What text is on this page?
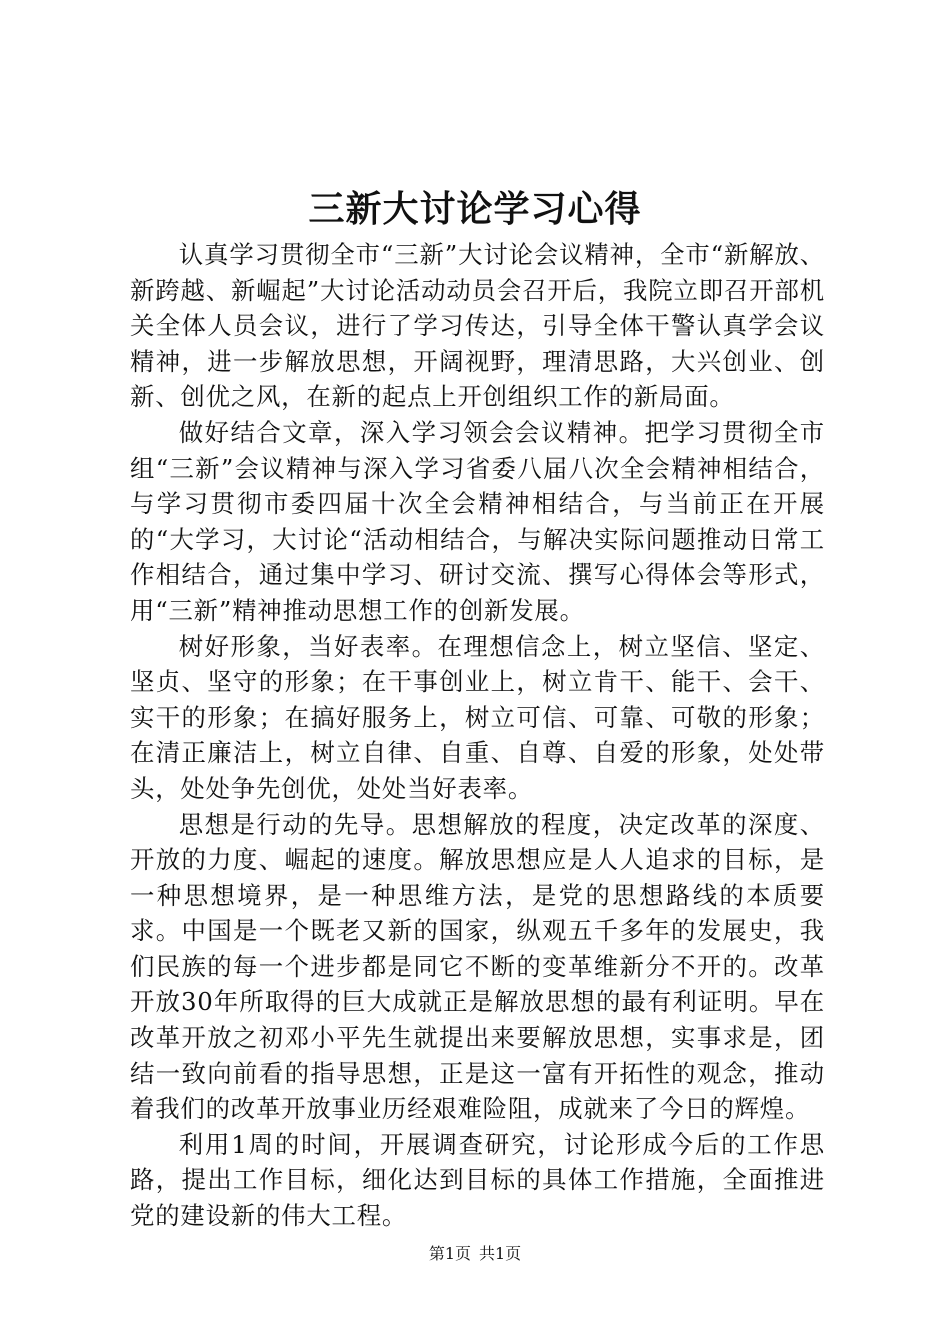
三新大讨论学习心得

认真学习贯彻全市“三新”大讨论会议精神，全市“新解放、新跨越、新崛起”大讨论活动动员会召开后，我院立即召开部机关全体人员会议，进行了学习传达，引导全体干警认真学会议精神，进一步解放思想，开阔视野，理清思路，大兴创业、创新、创优之风，在新的起点上开创组织工作的新局面。

做好结合文章，深入学习领会会议精神。把学习贯彻全市组“三新”会议精神与深入学习省委八届八次全会精神相结合，与学习贯彻市委四届十次全会精神相结合，与当前正在开展的“大学习，大讨论“活动相结合，与解决实际问题推动日常工作相结合，通过集中学习、研讨交流、撰写心得体会等形式，用“三新”精神推动思想工作的创新发展。

树好形象，当好表率。在理想信念上，树立坚信、坚定、坚贞、坚守的形象；在干事创业上，树立肯干、能干、会干、实干的形象；在搞好服务上，树立可信、可靠、可敬的形象；在清正廉洁上，树立自律、自重、自尊、自爱的形象，处处带头，处处争先创优，处处当好表率。

思想是行动的先导。思想解放的程度，决定改革的深度、开放的力度、崛起的速度。解放思想应是人人追求的目标，是一种思想境界，是一种思维方法，是党的思想路线的本质要求。中国是一个既老又新的国家，纵观五千多年的发展史，我们民族的每一个进步都是同它不断的变革维新分不开的。改革开放30年所取得的巨大成就正是解放思想的最有利证明。早在改革开放之初邓小平先生就提出来要解放思想，实事求是，团结一致向前看的指导思想，正是这一富有开拓性的观念，推动着我们的改革开放事业历经艰难险阻，成就来了今日的辉煌。

利用1周的时间，开展调查研究，讨论形成今后的工作思路，提出工作目标，细化达到目标的具体工作措施，全面推进党的建设新的伟大工程。

第1页 共1页
